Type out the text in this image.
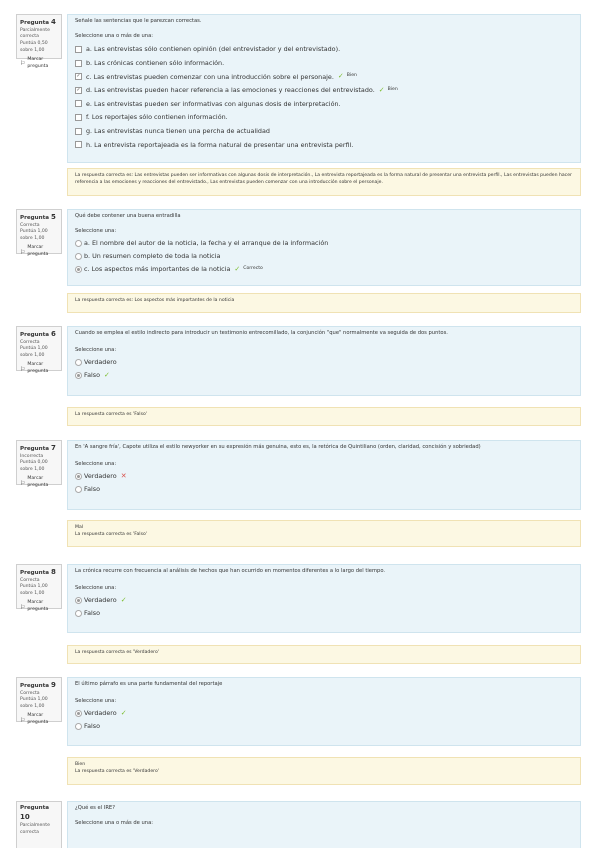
Pregunta 4
Parcialmente correcta
Puntúa 0,50 sobre 1,00
⚐
Marcar pregunta
Señale las sentencias que le parezcan correctas.
Seleccione una o más de una:
a. Las entrevistas sólo contienen opinión (del entrevistador y del entrevistado).
b. Las crónicas contienen sólo información.
✓ c. Las entrevistas pueden comenzar con una introducción sobre el personaje. ✓ Bien
✓ d. Las entrevistas pueden hacer referencia a las emociones y reacciones del entrevistado. ✓ Bien
e. Las entrevistas pueden ser informativas con algunas dosis de interpretación.
f. Los reportajes sólo contienen información.
g. Las entrevistas nunca tienen una percha de actualidad
h. La entrevista reportajeada es la forma natural de presentar una entrevista perfil.
La respuesta correcta es: Las entrevistas pueden ser informativas con algunas dosis de interpretación., La entrevista reportajeada es la forma natural de presentar una entrevista perfil., Las entrevistas pueden hacer referencia a las emociones y reacciones del entrevistado., Las entrevistas pueden comenzar con una introducción sobre el personaje.
Pregunta 5
Correcta
Puntúa 1,00 sobre 1,00
⚐
Marcar pregunta
Qué debe contener una buena entradilla
Seleccione una:
a. El nombre del autor de la noticia, la fecha y el arranque de la información
b. Un resumen completo de toda la noticia
c. Los aspectos más importantes de la noticia ✓ Correcto
La respuesta correcta es: Los aspectos más importantes de la noticia
Pregunta 6
Correcta
Puntúa 1,00 sobre 1,00
⚐
Marcar pregunta
Cuando se emplea el estilo indirecto para introducir un testimonio entrecomillado, la conjunción "que" normalmente va seguida de dos puntos.
Seleccione una:
Verdadero
Falso ✓
La respuesta correcta es 'Falso'
Pregunta 7
Incorrecta
Puntúa 0,00 sobre 1,00
⚐
Marcar pregunta
En 'A sangre fría', Capote utiliza el estilo newyorker en su expresión más genuina, esto es, la retórica de Quintiliano (orden, claridad, concisión y sobriedad)
Seleccione una:
Verdadero ✕
Falso
Mal
La respuesta correcta es 'Falso'
Pregunta 8
Correcta
Puntúa 1,00 sobre 1,00
⚐
Marcar pregunta
La crónica recurre con frecuencia al análisis de hechos que han ocurrido en momentos diferentes a lo largo del tiempo.
Seleccione una:
Verdadero ✓
Falso
La respuesta correcta es 'Verdadero'
Pregunta 9
Correcta
Puntúa 1,00 sobre 1,00
⚐
Marcar pregunta
El último párrafo es una parte fundamental del reportaje
Seleccione una:
Verdadero ✓
Falso
Bien
La respuesta correcta es 'Verdadero'
Pregunta 10
Parcialmente correcta
¿Qué es el IRE?
Seleccione una o más de una:
